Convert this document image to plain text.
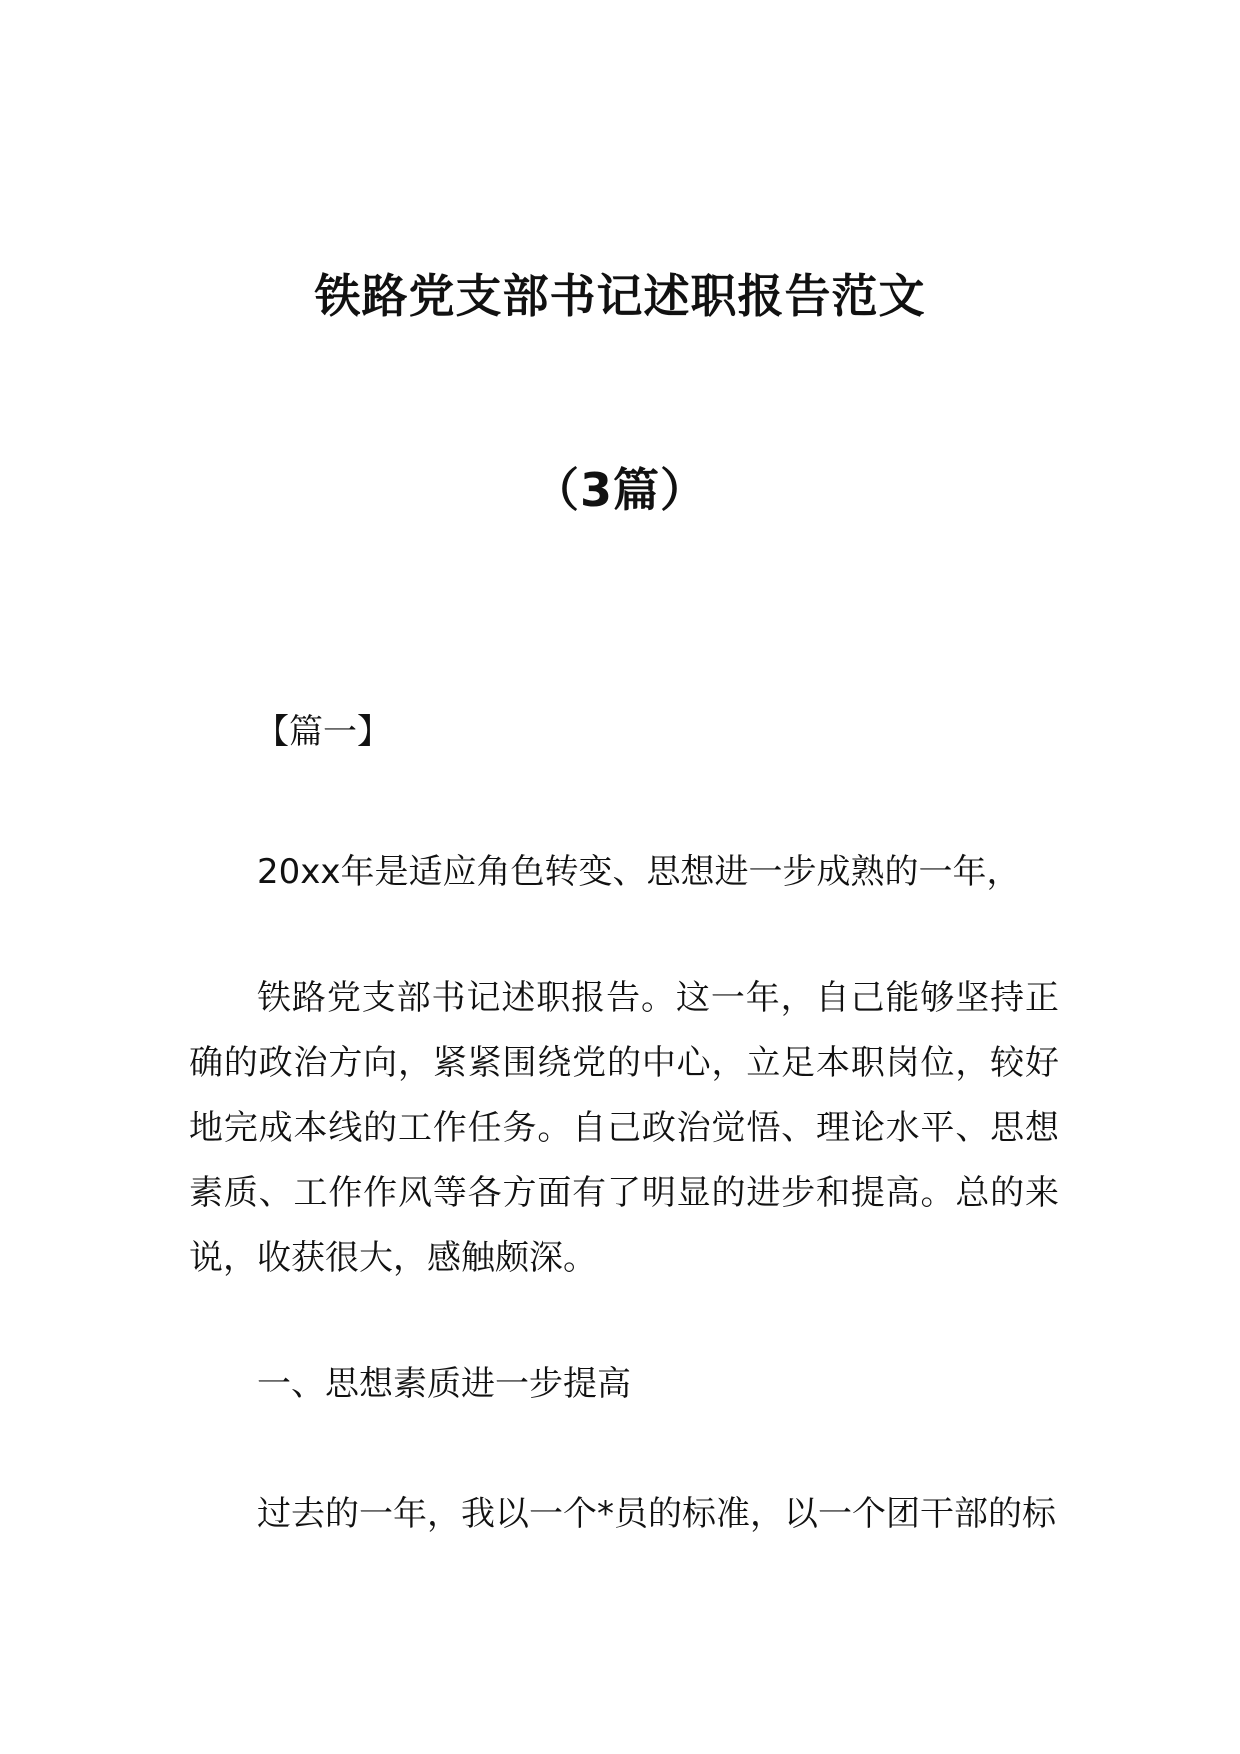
铁路党支部书记述职报告范文
（3篇）

【篇一】

20xx年是适应角色转变、思想进一步成熟的一年，

铁路党支部书记述职报告。这一年，自己能够坚持正确的政治方向，紧紧围绕党的中心，立足本职岗位，较好地完成本线的工作任务。自己政治觉悟、理论水平、思想素质、工作作风等各方面有了明显的进步和提高。总的来说，收获很大，感触颇深。

一、思想素质进一步提高

过去的一年，我以一个*员的标准，以一个团干部的标
